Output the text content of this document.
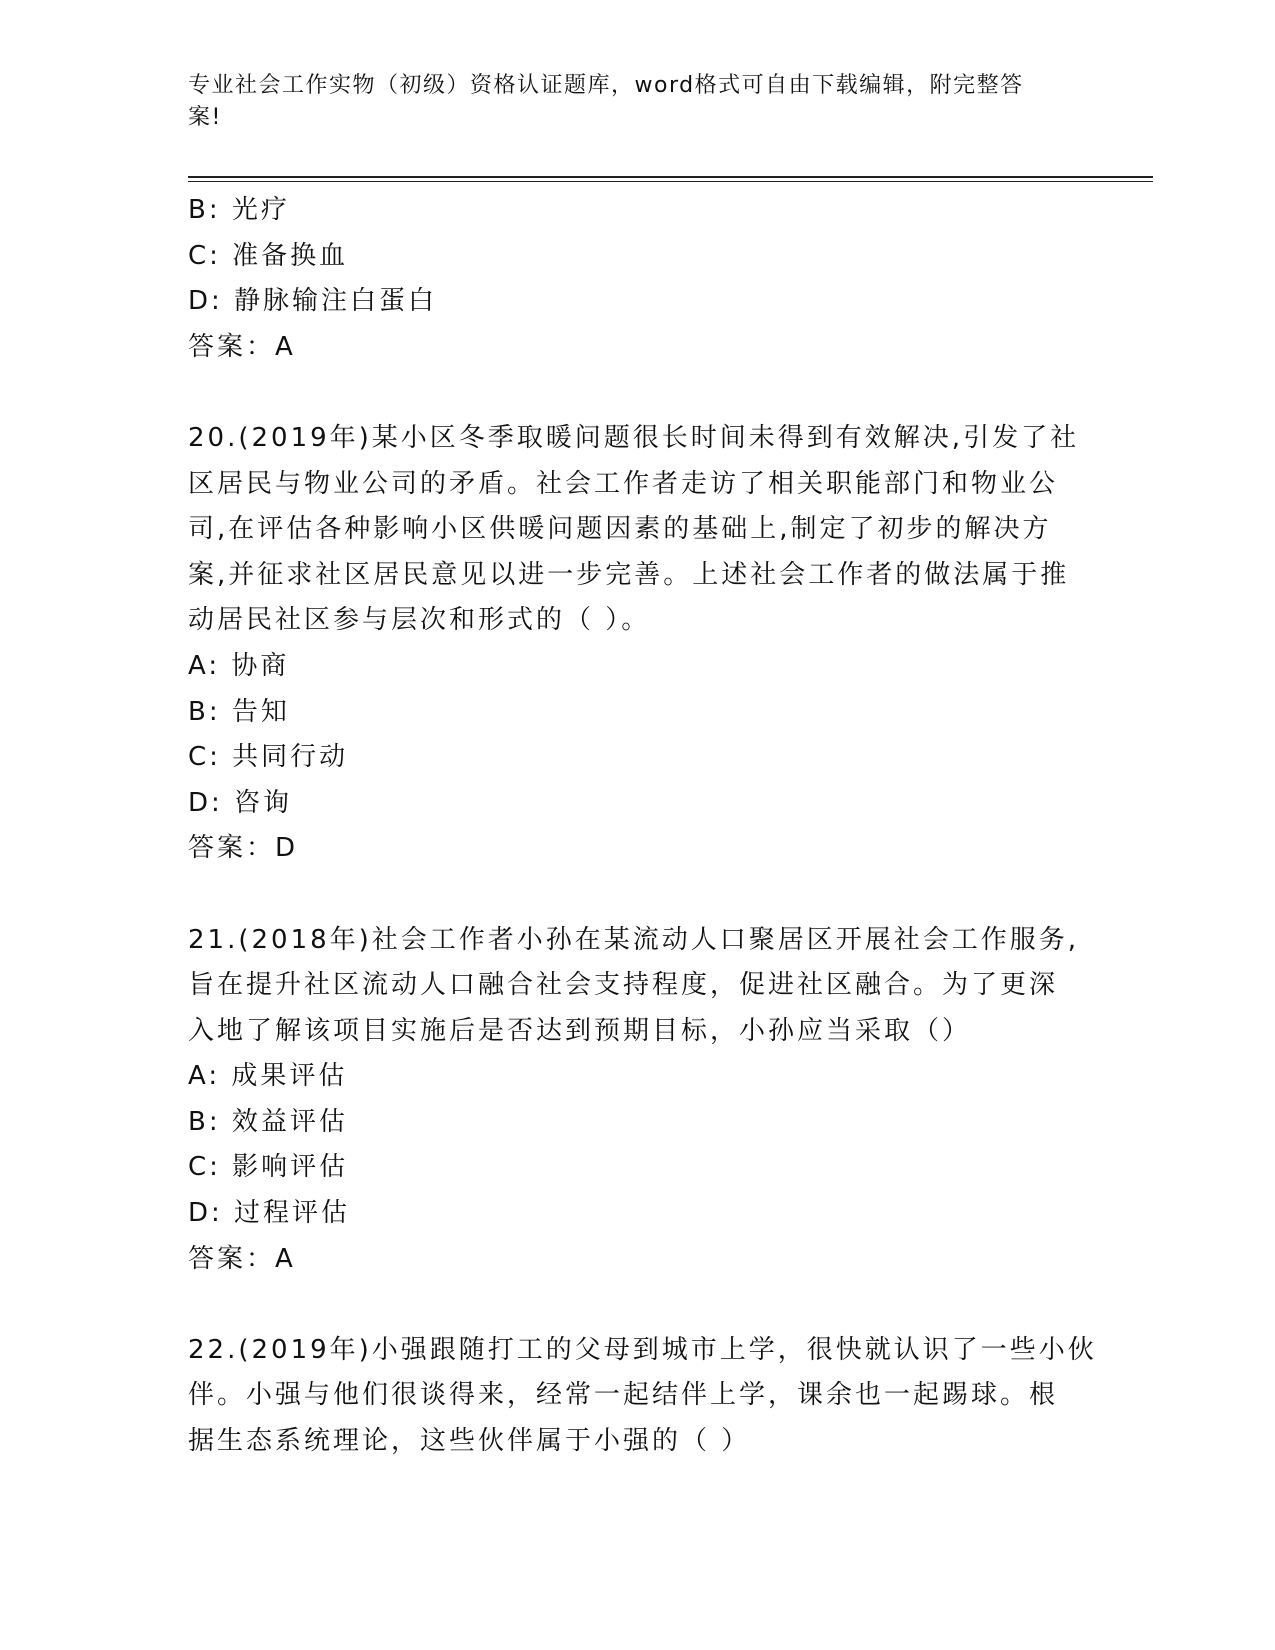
专业社会工作实物（初级）资格认证题库，word格式可自由下载编辑，附完整答
案!
B: 光疗
C: 准备换血
D: 静脉输注白蛋白
答案：A
20.(2019年)某小区冬季取暖问题很长时间未得到有效解决,引发了社
区居民与物业公司的矛盾。社会工作者走访了相关职能部门和物业公
司,在评估各种影响小区供暖问题因素的基础上,制定了初步的解决方
案,并征求社区居民意见以进一步完善。上述社会工作者的做法属于推
动居民社区参与层次和形式的（ ）。
A: 协商
B: 告知
C: 共同行动
D: 咨询
答案：D
21.(2018年)社会工作者小孙在某流动人口聚居区开展社会工作服务,
旨在提升社区流动人口融合社会支持程度，促进社区融合。为了更深
入地了解该项目实施后是否达到预期目标，小孙应当采取（）
A: 成果评估
B: 效益评估
C: 影响评估
D: 过程评估
答案：A
22.(2019年)小强跟随打工的父母到城市上学，很快就认识了一些小伙
伴。小强与他们很谈得来，经常一起结伴上学，课余也一起踢球。根
据生态系统理论，这些伙伴属于小强的（ ）
